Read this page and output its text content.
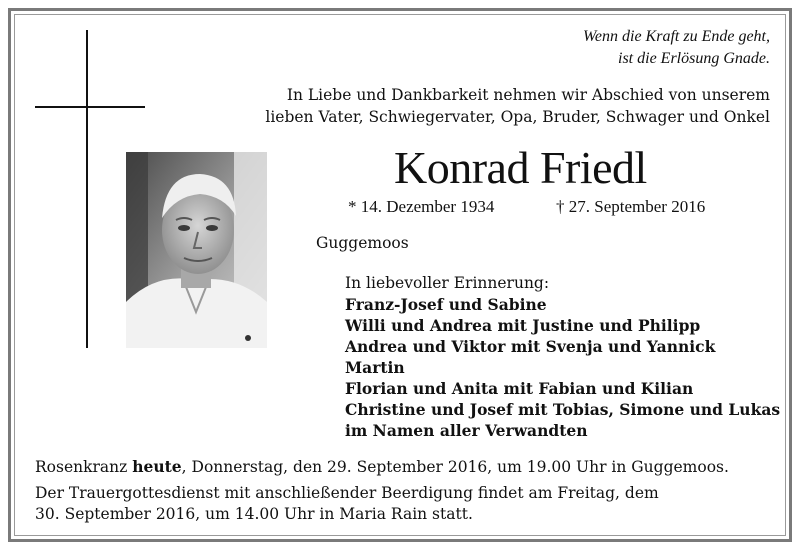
Wenn die Kraft zu Ende geht,
ist die Erlösung Gnade.
In Liebe und Dankbarkeit nehmen wir Abschied von unserem
lieben Vater, Schwiegervater, Opa, Bruder, Schwager und Onkel
Konrad Friedl
* 14. Dezember 1934	† 27. September 2016
Guggemoos
In liebevoller Erinnerung:
Franz-Josef und Sabine
Willi und Andrea mit Justine und Philipp
Andrea und Viktor mit Svenja und Yannick
Martin
Florian und Anita mit Fabian und Kilian
Christine und Josef mit Tobias, Simone und Lukas
im Namen aller Verwandten
Rosenkranz heute, Donnerstag, den 29. September 2016, um 19.00 Uhr in Guggemoos.
Der Trauergottesdienst mit anschließender Beerdigung findet am Freitag, dem
30. September 2016, um 14.00 Uhr in Maria Rain statt.
